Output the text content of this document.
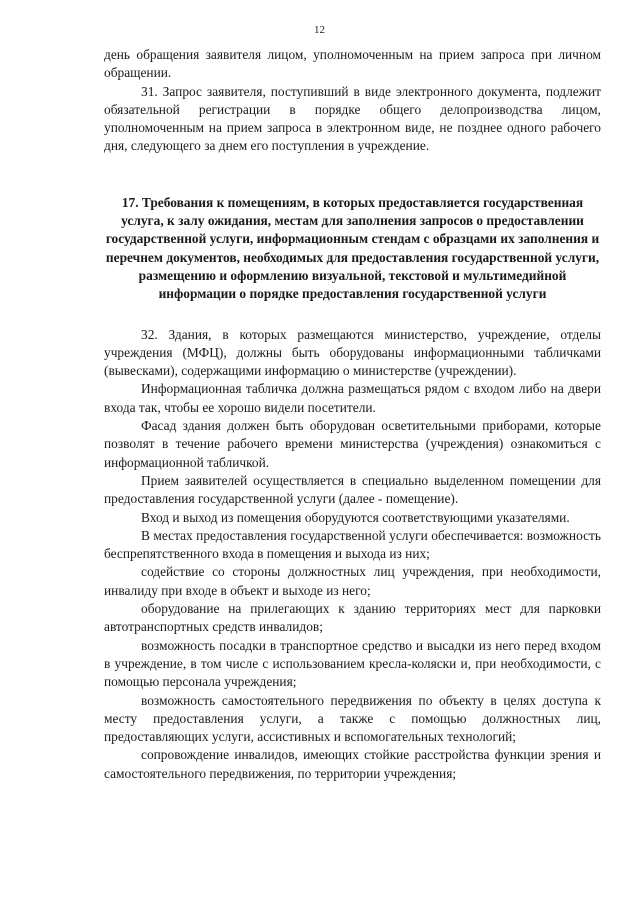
12

день обращения заявителя лицом, уполномоченным на прием запроса при личном обращении.

31. Запрос заявителя, поступивший в виде электронного документа, подлежит обязательной регистрации в порядке общего делопроизводства лицом, уполномоченным на прием запроса в электронном виде, не позднее одного рабочего дня, следующего за днем его поступления в учреждение.

17. Требования к помещениям, в которых предоставляется государственная услуга, к залу ожидания, местам для заполнения запросов о предоставлении государственной услуги, информационным стендам с образцами их заполнения и перечнем документов, необходимых для предоставления государственной услуги, размещению и оформлению визуальной, текстовой и мультимедийной информации о порядке предоставления государственной услуги

32. Здания, в которых размещаются министерство, учреждение, отделы учреждения (МФЦ), должны быть оборудованы информационными табличками (вывесками), содержащими информацию о министерстве (учреждении).

Информационная табличка должна размещаться рядом с входом либо на двери входа так, чтобы ее хорошо видели посетители.

Фасад здания должен быть оборудован осветительными приборами, которые позволят в течение рабочего времени министерства (учреждения) ознакомиться с информационной табличкой.

Прием заявителей осуществляется в специально выделенном помещении для предоставления государственной услуги (далее - помещение).

Вход и выход из помещения оборудуются соответствующими указателями.

В местах предоставления государственной услуги обеспечивается: возможность беспрепятственного входа в помещения и выхода из них;

содействие со стороны должностных лиц учреждения, при необходимости, инвалиду при входе в объект и выходе из него;

оборудование на прилегающих к зданию территориях мест для парковки автотранспортных средств инвалидов;

возможность посадки в транспортное средство и высадки из него перед входом в учреждение, в том числе с использованием кресла-коляски и, при необходимости, с помощью персонала учреждения;

возможность самостоятельного передвижения по объекту в целях доступа к месту предоставления услуги, а также с помощью должностных лиц, предоставляющих услуги, ассистивных и вспомогательных технологий;

сопровождение инвалидов, имеющих стойкие расстройства функции зрения и самостоятельного передвижения, по территории учреждения;
